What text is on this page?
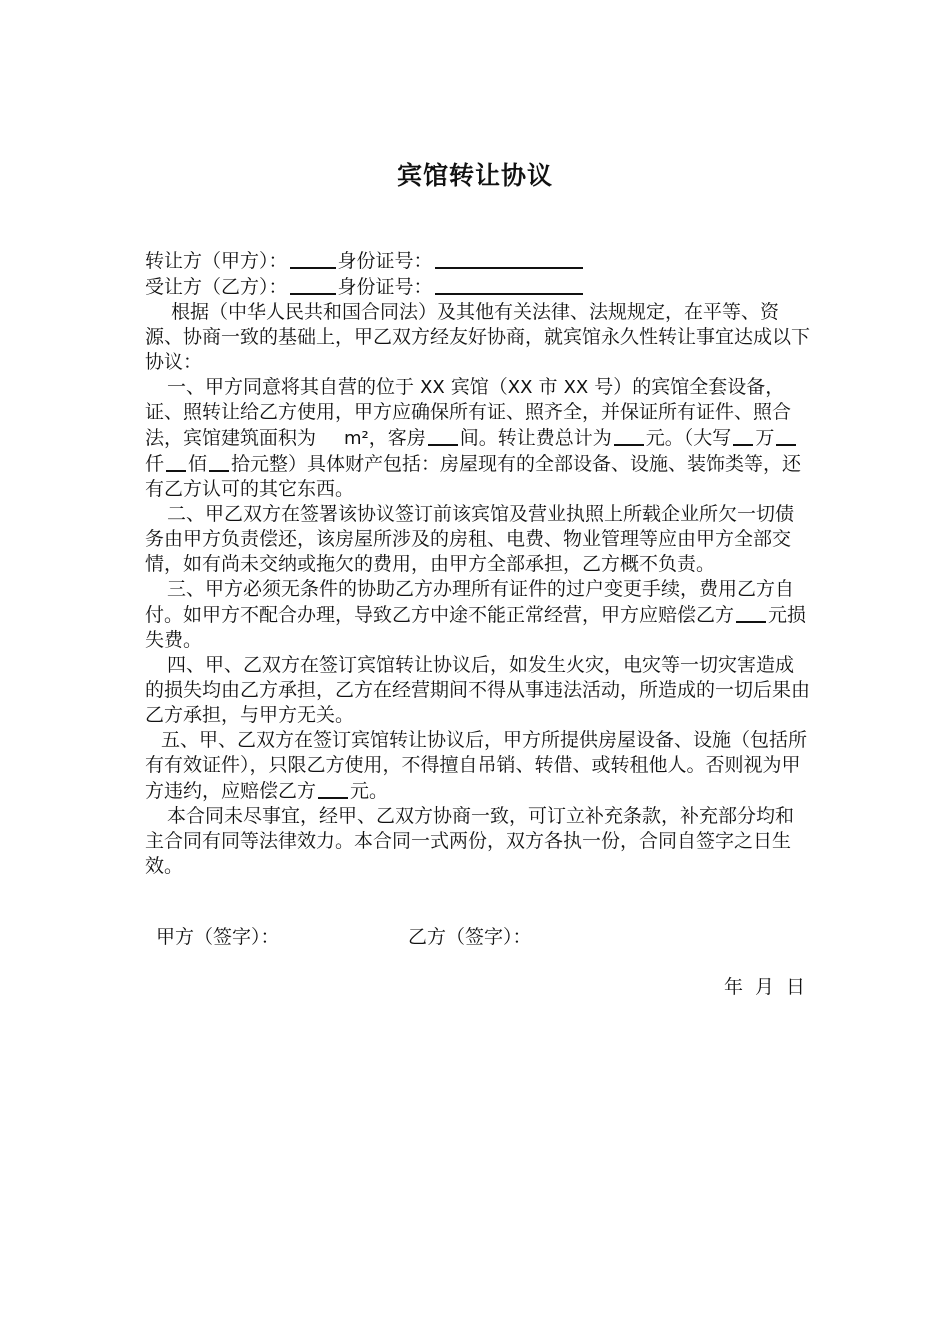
宾馆转让协议

转让方（甲方）：	身份证号：

受让方（乙方）：	身份证号：

根据（中华人民共和国合同法）及其他有关法律、法规规定，在平等、资源、协商一致的基础上，甲乙双方经友好协商，就宾馆永久性转让事宜达成以下协议：

一、甲方同意将其自营的位于 XX 宾馆（XX 市 XX 号）的宾馆全套设备，证、照转让给乙方使用，甲方应确保所有证、照齐全，并保证所有证件、照合法，宾馆建筑面积为 m²，客房 间。转让费总计为 元。（大写 万仟 佰 拾元整）具体财产包括：房屋现有的全部设备、设施、装饰类等，还有乙方认可的其它东西。

二、甲乙双方在签署该协议签订前该宾馆及营业执照上所载企业所欠一切债务由甲方负责偿还，该房屋所涉及的房租、电费、物业管理等应由甲方全部交情，如有尚未交纳或拖欠的费用，由甲方全部承担，乙方概不负责。

三、甲方必须无条件的协助乙方办理所有证件的过户变更手续，费用乙方自付。如甲方不配合办理，导致乙方中途不能正常经营，甲方应赔偿乙方 元损失费。

四、甲、乙双方在签订宾馆转让协议后，如发生火灾，电灾等一切灾害造成的损失均由乙方承担，乙方在经营期间不得从事违法活动，所造成的一切后果由乙方承担，与甲方无关。

五、甲、乙双方在签订宾馆转让协议后，甲方所提供房屋设备、设施（包括所有有效证件），只限乙方使用，不得擅自吊销、转借、或转租他人。否则视为甲方违约，应赔偿乙方 元。

本合同未尽事宜，经甲、乙双方协商一致，可订立补充条款，补充部分均和主合同有同等法律效力。本合同一式两份，双方各执一份，合同自签字之日生效。

甲方（签字）：	乙方（签字）：
年 月 日
